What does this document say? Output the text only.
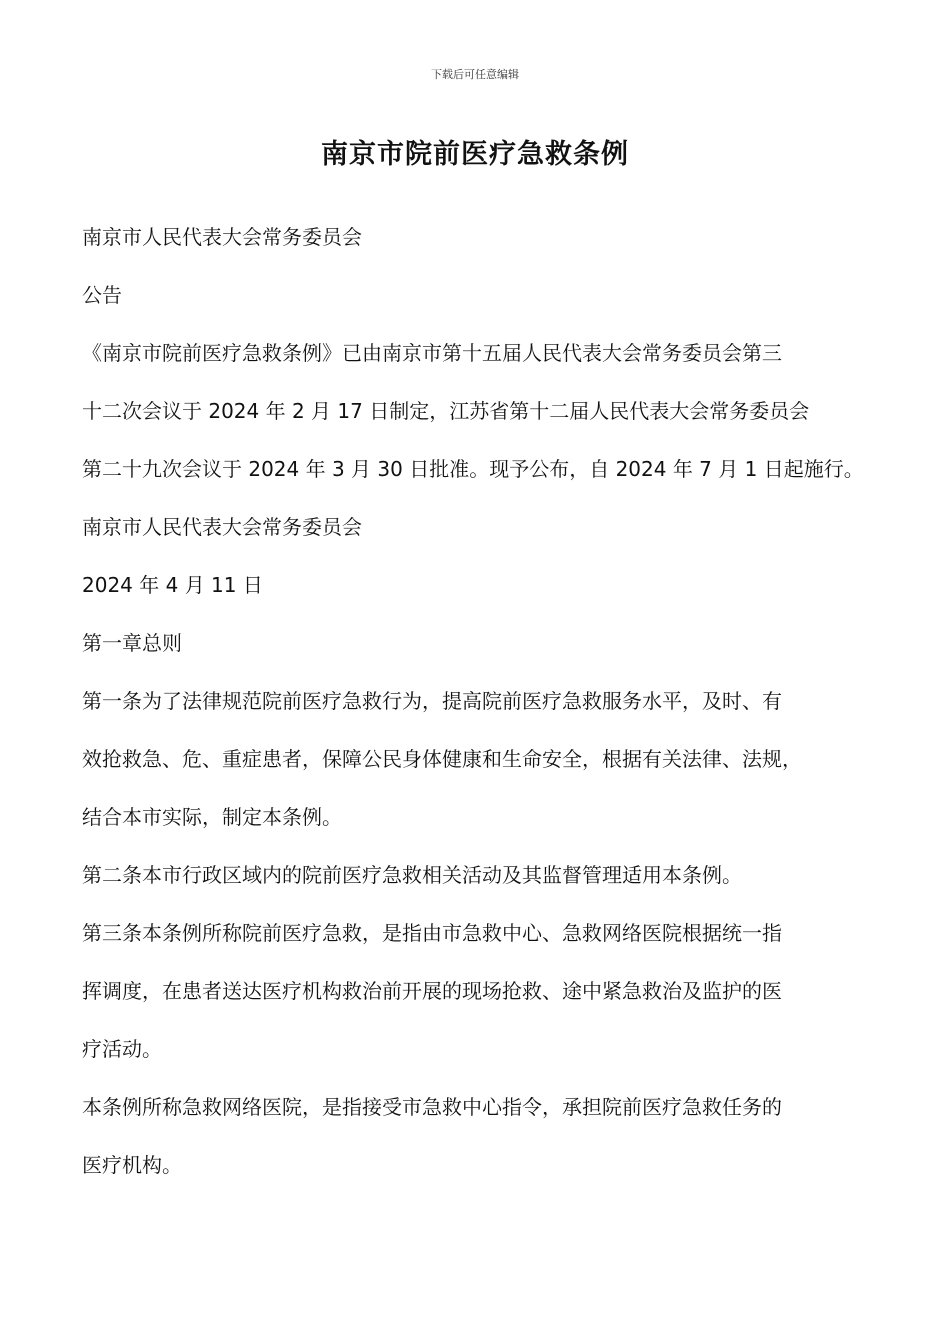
下载后可任意编辑
南京市院前医疗急救条例

南京市人民代表大会常务委员会

公告

《南京市院前医疗急救条例》已由南京市第十五届人民代表大会常务委员会第三
十二次会议于 2024 年 2 月 17 日制定，江苏省第十二届人民代表大会常务委员会
第二十九次会议于 2024 年 3 月 30 日批准。现予公布，自 2024 年 7 月 1 日起施行。

南京市人民代表大会常务委员会

2024 年 4 月 11 日

第一章总则

第一条为了法律规范院前医疗急救行为，提高院前医疗急救服务水平，及时、有
效抢救急、危、重症患者，保障公民身体健康和生命安全，根据有关法律、法规，
结合本市实际，制定本条例。

第二条本市行政区域内的院前医疗急救相关活动及其监督管理适用本条例。

第三条本条例所称院前医疗急救，是指由市急救中心、急救网络医院根据统一指
挥调度，在患者送达医疗机构救治前开展的现场抢救、途中紧急救治及监护的医
疗活动。
本条例所称急救网络医院，是指接受市急救中心指令，承担院前医疗急救任务的
医疗机构。
